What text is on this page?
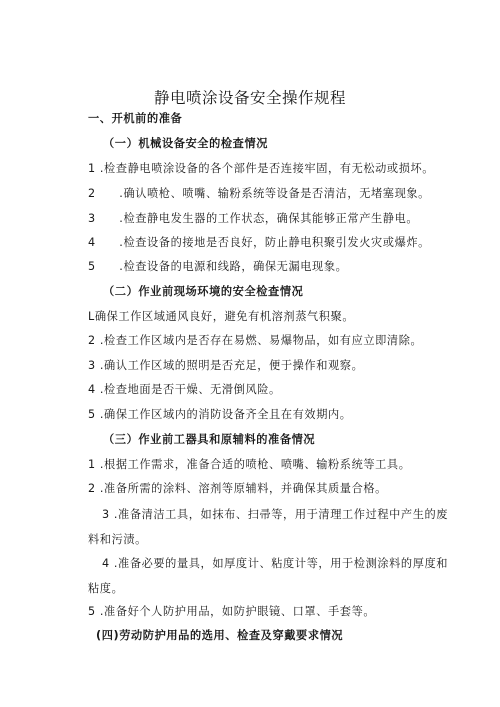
静电喷涂设备安全操作规程
一、开机前的准备
（一）机械设备安全的检查情况
1 .检查静电喷涂设备的各个部件是否连接牢固，有无松动或损坏。
2　　.确认喷枪、喷嘴、输粉系统等设备是否清洁，无堵塞现象。
3　　.检查静电发生器的工作状态，确保其能够正常产生静电。
4　　.检查设备的接地是否良好，防止静电积聚引发火灾或爆炸。
5　　.检查设备的电源和线路，确保无漏电现象。
（二）作业前现场环境的安全检查情况
L确保工作区域通风良好，避免有机溶剂蒸气积聚。
2 .检查工作区域内是否存在易燃、易爆物品，如有应立即清除。
3 .确认工作区域的照明是否充足，便于操作和观察。
4 .检查地面是否干燥、无滑倒风险。
5 .确保工作区域内的消防设备齐全且在有效期内。
（三）作业前工器具和原辅料的准备情况
1 .根据工作需求，准备合适的喷枪、喷嘴、输粉系统等工具。
2 .准备所需的涂料、溶剂等原辅料，并确保其质量合格。
3 .准备清洁工具，如抹布、扫帚等，用于清理工作过程中产生的废料和污渍。
4 .准备必要的量具，如厚度计、粘度计等，用于检测涂料的厚度和粘度。
5 .准备好个人防护用品，如防护眼镜、口罩、手套等。
(四)劳动防护用品的选用、检查及穿戴要求情况
